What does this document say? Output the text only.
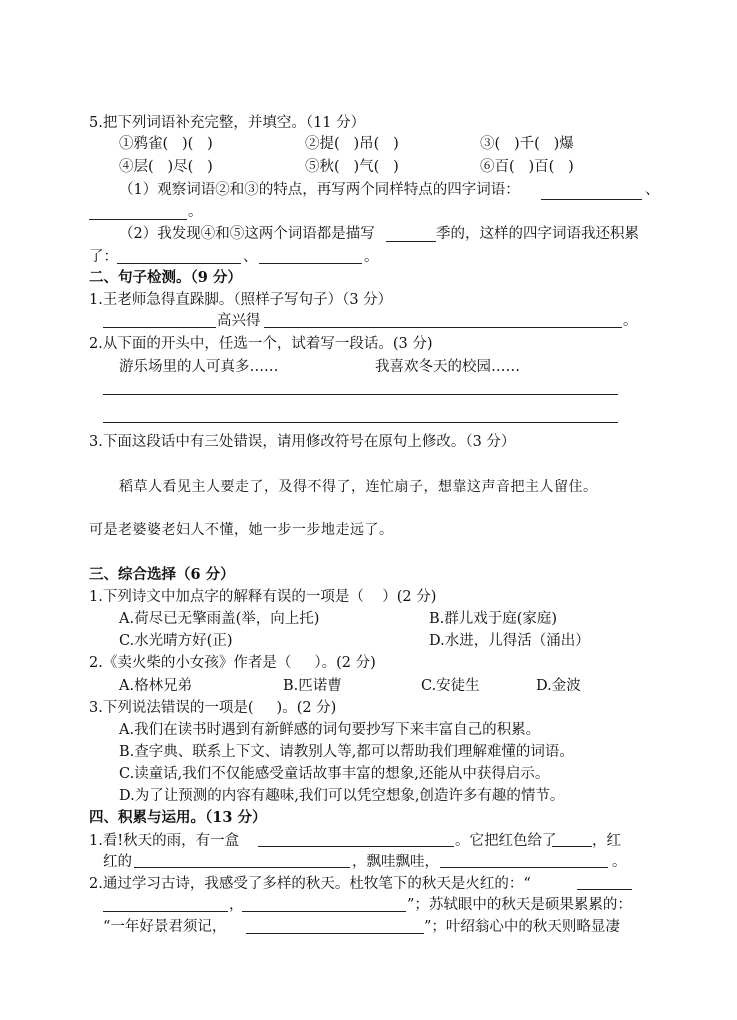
5.把下列词语补充完整，并填空。（11 分）
①鸦雀(   )(   )	②提(   )吊(   )	③(   )千(   )爆
④层(   )尽(   )	⑤秋(   )气(   )	⑥百(   )百(   )
（1）观察词语②和③的特点，再写两个同样特点的四字词语：	、
。
（2）我发现④和⑤这两个词语都是描写	季的，这样的四字词语我还积累
了：	、	。
二、句子检测。（9 分）
1.王老师急得直跺脚。（照样子写句子）（3 分）
高兴得	。
2.从下面的开头中，任选一个，试着写一段话。(3 分)
游乐场里的人可真多……	我喜欢冬天的校园……
3.下面这段话中有三处错误，请用修改符号在原句上修改。（3 分）
稻草人看见主人要走了，及得不得了，连忙扇子，想靠这声音把主人留住。
可是老婆婆老妇人不懂，她一步一步地走远了。
三、综合选择（6 分）
1.下列诗文中加点字的解释有误的一项是（    ）(2 分)
A.荷尽已无擎雨盖(举，向上托)	B.群儿戏于庭(家庭)
C.水光晴方好(正)	D.水进，儿得活（涌出）
2.《卖火柴的小女孩》作者是（     ）。(2 分)
A.格林兄弟	B.匹诺曹	C.安徒生	D.金波
3.下列说法错误的一项是(     )。(2 分)
A.我们在读书时遇到有新鲜感的词句要抄写下来丰富自己的积累。
B.查字典、联系上下文、请教别人等,都可以帮助我们理解难懂的词语。
C.读童话,我们不仅能感受童话故事丰富的想象,还能从中获得启示。
D.为了让预测的内容有趣味,我们可以凭空想象,创造许多有趣的情节。
四、积累与运用。（13 分）
1.看!秋天的雨，有一盒	。它把红色给了 ，红
红的	，飘哇飘哇，	。
2.通过学习古诗，我感受了多样的秋天。杜牧笔下的秋天是火红的：“
，	”；苏轼眼中的秋天是硕果累累的：
“一年好景君须记，	”；叶绍翁心中的秋天则略显凄
